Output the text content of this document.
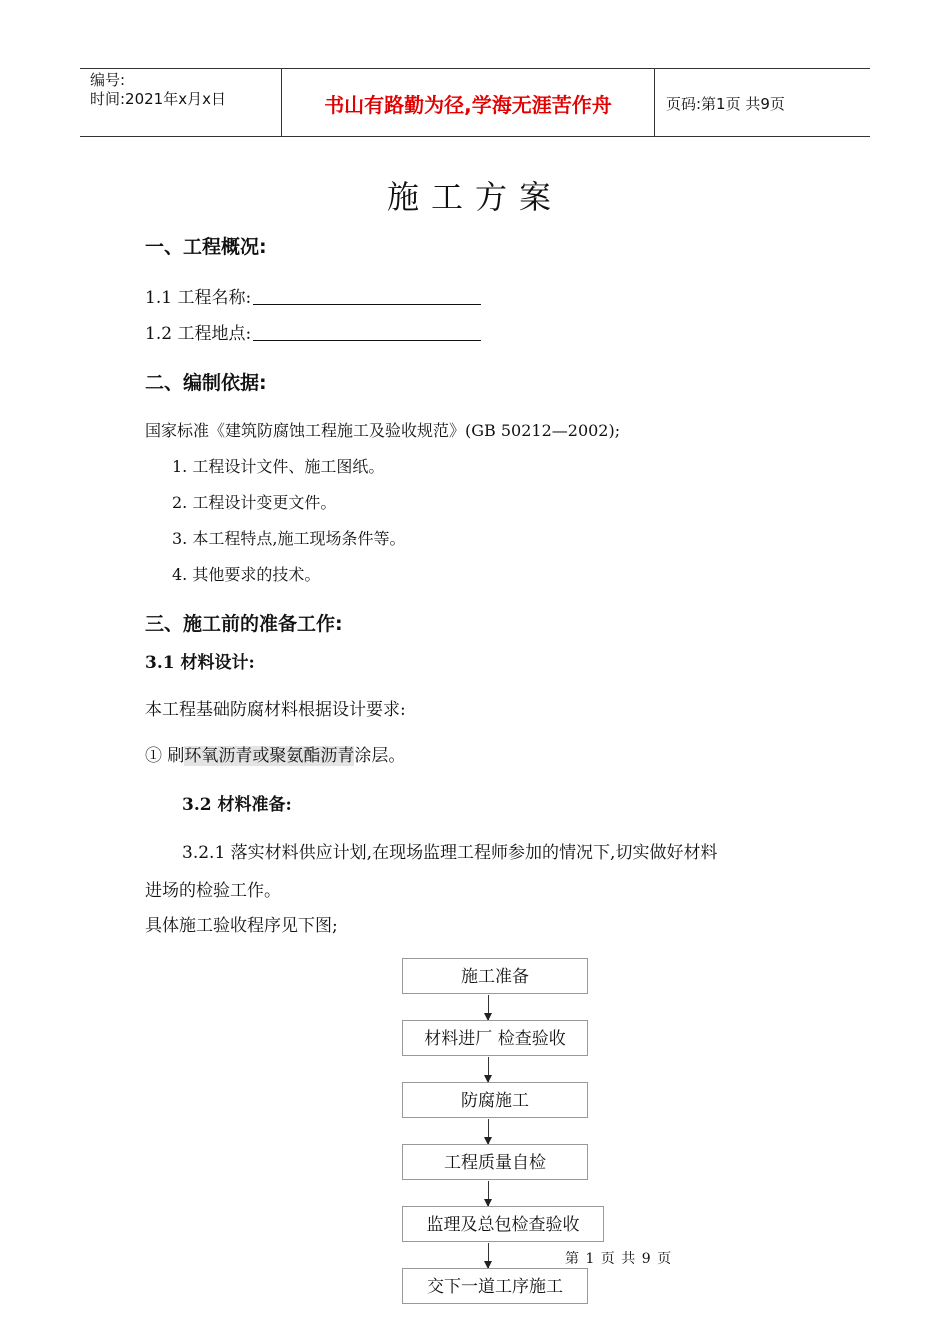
编号:
时间:2021年x月x日	书山有路勤为径,学海无涯苦作舟	页码:第1页 共9页
施工方案
一、工程概况:
1.1 工程名称:
1.2 工程地点:
二、编制依据:
国家标准《建筑防腐蚀工程施工及验收规范》(GB 50212—2002);
1. 工程设计文件、施工图纸。
2. 工程设计变更文件。
3. 本工程特点,施工现场条件等。
4. 其他要求的技术。
三、施工前的准备工作:
3.1 材料设计:
本工程基础防腐材料根据设计要求:
① 刷环氧沥青或聚氨酯沥青涂层。
3.2 材料准备:
3.2.1 落实材料供应计划,在现场监理工程师参加的情况下,切实做好材料
进场的检验工作。
具体施工验收程序见下图;
施工准备
材料进厂 检查验收
防腐施工
工程质量自检
监理及总包检查验收
交下一道工序施工
第 1 页 共 9 页
